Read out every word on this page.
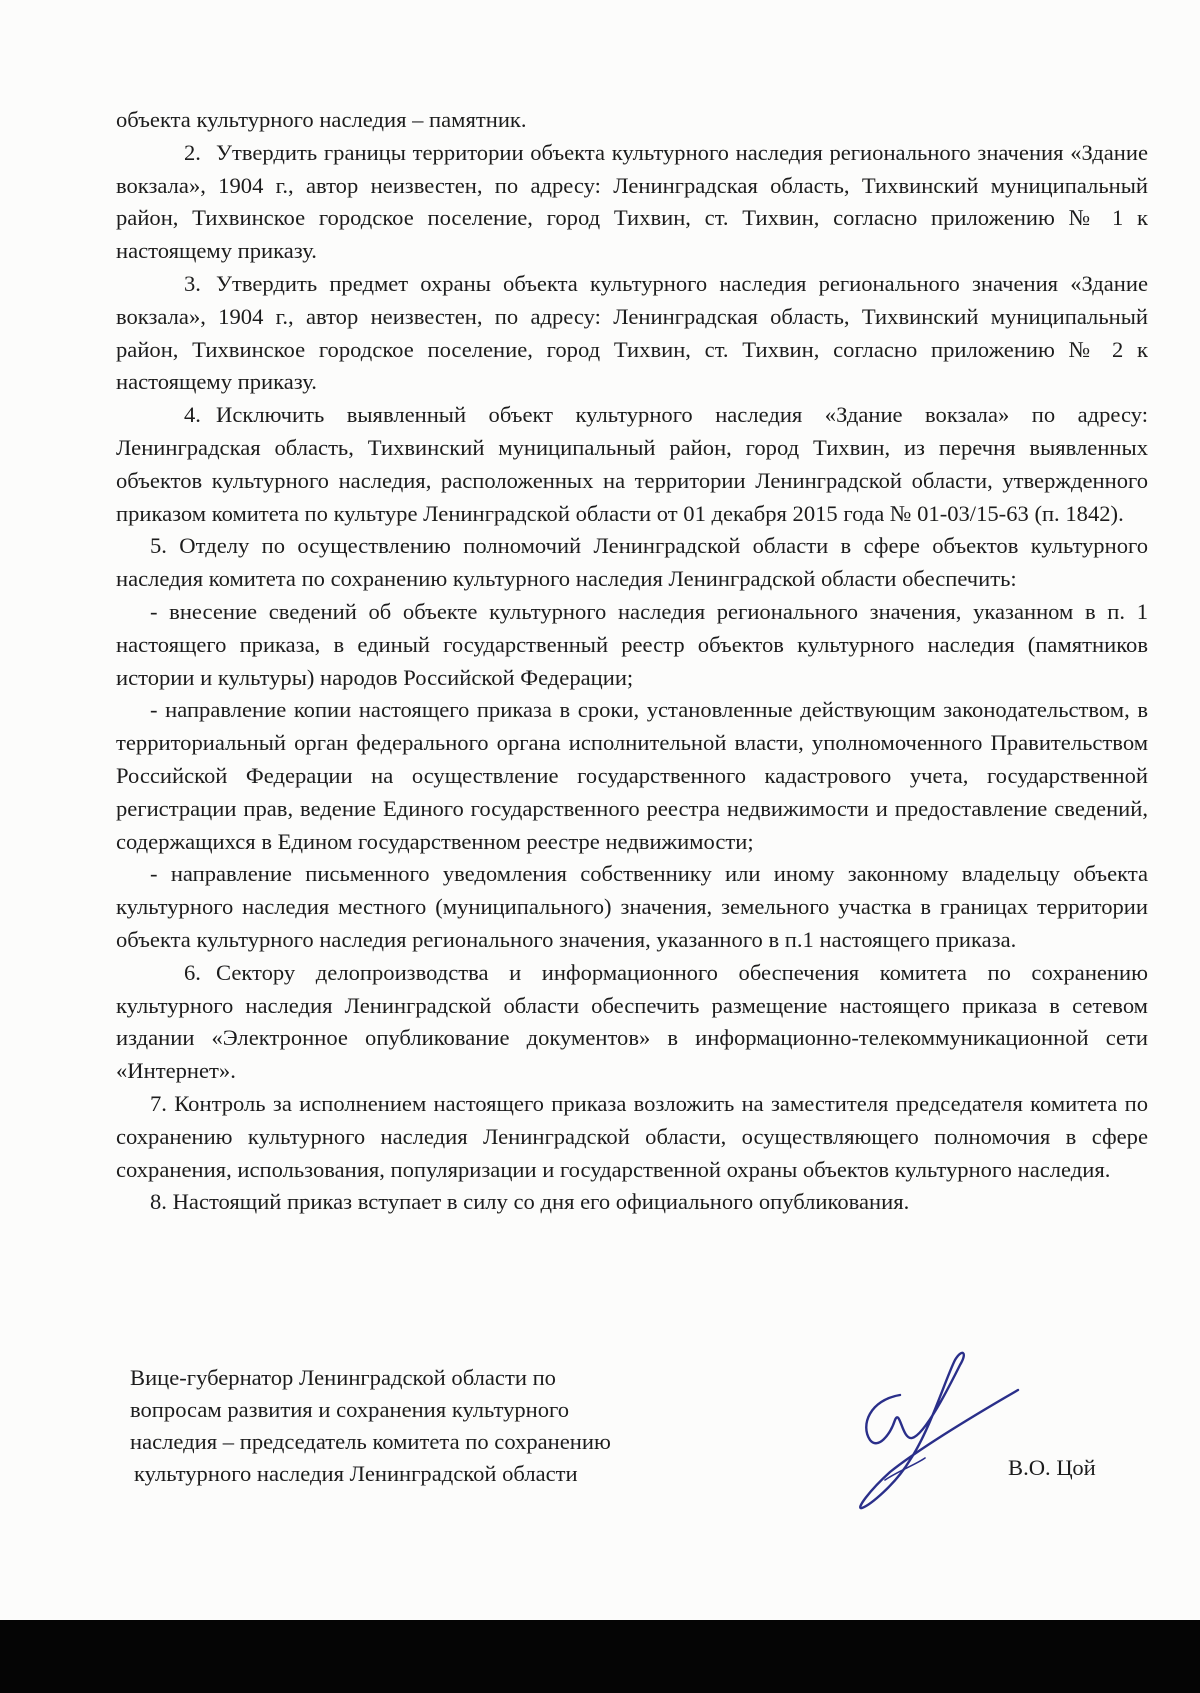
объекта культурного наследия – памятник.

2. Утвердить границы территории объекта культурного наследия регионального значения «Здание вокзала», 1904 г., автор неизвестен, по адресу: Ленинградская область, Тихвинский муниципальный район, Тихвинское городское поселение, город Тихвин, ст. Тихвин, согласно приложению № 1 к настоящему приказу.

3. Утвердить предмет охраны объекта культурного наследия регионального значения «Здание вокзала», 1904 г., автор неизвестен, по адресу: Ленинградская область, Тихвинский муниципальный район, Тихвинское городское поселение, город Тихвин, ст. Тихвин, согласно приложению № 2 к настоящему приказу.

4. Исключить выявленный объект культурного наследия «Здание вокзала» по адресу: Ленинградская область, Тихвинский муниципальный район, город Тихвин, из перечня выявленных объектов культурного наследия, расположенных на территории Ленинградской области, утвержденного приказом комитета по культуре Ленинградской области от 01 декабря 2015 года № 01-03/15-63 (п. 1842).

5. Отделу по осуществлению полномочий Ленинградской области в сфере объектов культурного наследия комитета по сохранению культурного наследия Ленинградской области обеспечить:

- внесение сведений об объекте культурного наследия регионального значения, указанном в п. 1 настоящего приказа, в единый государственный реестр объектов культурного наследия (памятников истории и культуры) народов Российской Федерации;

- направление копии настоящего приказа в сроки, установленные действующим законодательством, в территориальный орган федерального органа исполнительной власти, уполномоченного Правительством Российской Федерации на осуществление государственного кадастрового учета, государственной регистрации прав, ведение Единого государственного реестра недвижимости и предоставление сведений, содержащихся в Едином государственном реестре недвижимости;

- направление письменного уведомления собственнику или иному законному владельцу объекта культурного наследия местного (муниципального) значения, земельного участка в границах территории объекта культурного наследия регионального значения, указанного в п.1 настоящего приказа.

6. Сектору делопроизводства и информационного обеспечения комитета по сохранению культурного наследия Ленинградской области обеспечить размещение настоящего приказа в сетевом издании «Электронное опубликование документов» в информационно-телекоммуникационной сети «Интернет».

7. Контроль за исполнением настоящего приказа возложить на заместителя председателя комитета по сохранению культурного наследия Ленинградской области, осуществляющего полномочия в сфере сохранения, использования, популяризации и государственной охраны объектов культурного наследия.

8. Настоящий приказ вступает в силу со дня его официального опубликования.

Вице-губернатор Ленинградской области по
вопросам развития и сохранения культурного
наследия – председатель комитета по сохранению
культурного наследия Ленинградской области	В.О. Цой
